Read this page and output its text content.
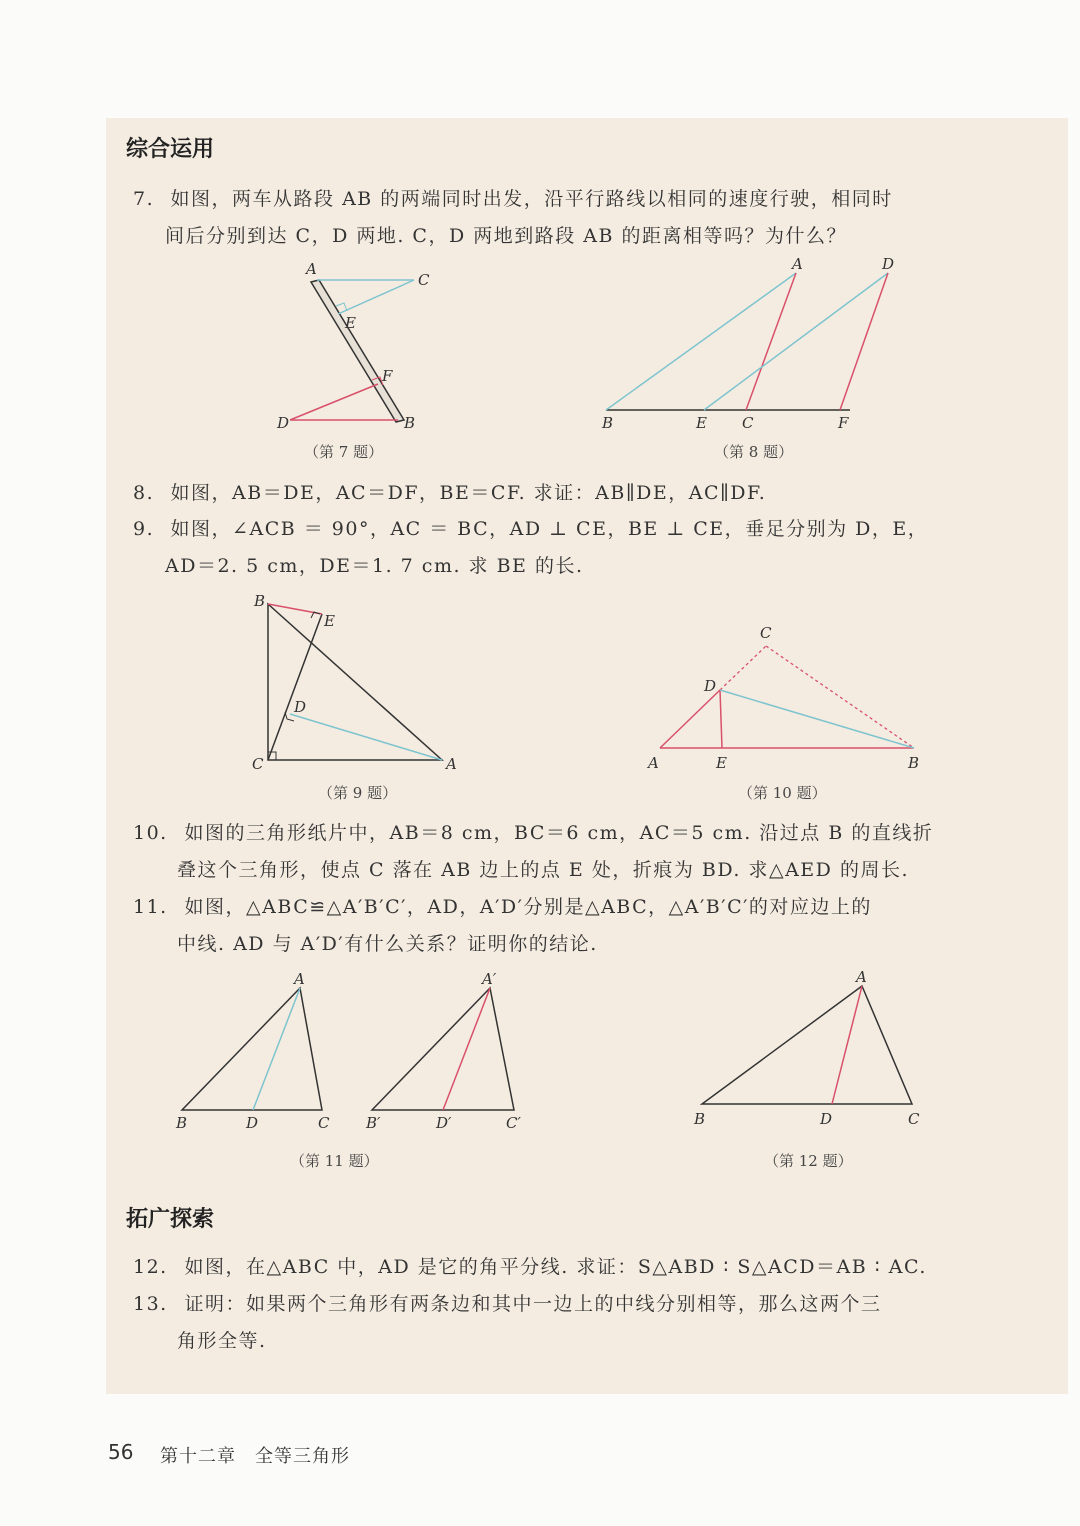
综合运用
7. 如图，两车从路段 AB 的两端同时出发，沿平行路线以相同的速度行驶，相同时
间后分别到达 C，D 两地. C，D 两地到路段 AB 的距离相等吗？为什么？
A
C
E
F
D	B
A	D
B	E C	F
B
E
D
C	A
C
D
A	E	B
A
B	D	C
A′
B′	D′	C′
A
B	D	C
（第 7 题）	（第 8 题）
（第 9 题）	（第 10 题）
（第 11 题）	（第 12 题）
8. 如图，AB＝DE，AC＝DF，BE＝CF. 求证：AB∥DE，AC∥DF.
9. 如图，∠ACB ＝ 90°，AC ＝ BC，AD ⊥ CE，BE ⊥ CE，垂足分别为 D，E，
AD＝2. 5 cm，DE＝1. 7 cm. 求 BE 的长.
10. 如图的三角形纸片中，AB＝8 cm，BC＝6 cm，AC＝5 cm. 沿过点 B 的直线折
叠这个三角形，使点 C 落在 AB 边上的点 E 处，折痕为 BD. 求△AED 的周长.
11. 如图，△ABC≌△A′B′C′，AD，A′D′分别是△ABC，△A′B′C′的对应边上的
中线. AD 与 A′D′有什么关系？证明你的结论.
拓广探索
12. 如图，在△ABC 中，AD 是它的角平分线. 求证：S△ABD ∶ S△ACD＝AB ∶ AC.
13. 证明：如果两个三角形有两条边和其中一边上的中线分别相等，那么这两个三
角形全等.
56 第十二章　全等三角形
